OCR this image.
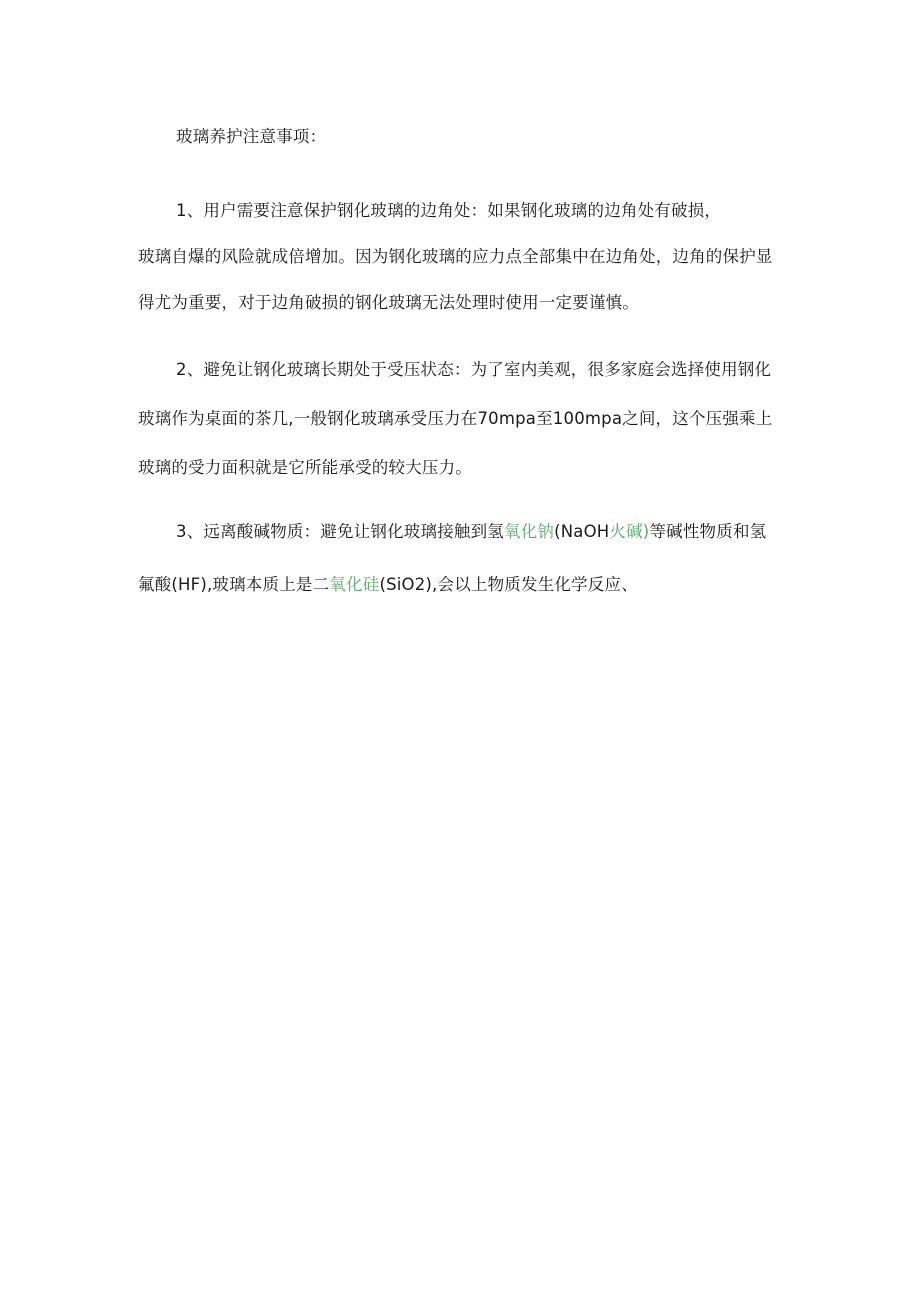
玻璃养护注意事项：
1、用户需要注意保护钢化玻璃的边角处：如果钢化玻璃的边角处有破损，
玻璃自爆的风险就成倍增加。因为钢化玻璃的应力点全部集中在边角处，边角的保护显
得尤为重要，对于边角破损的钢化玻璃无法处理时使用一定要谨慎。
2、避免让钢化玻璃长期处于受压状态：为了室内美观，很多家庭会选择使用钢化
玻璃作为桌面的茶几,一般钢化玻璃承受压力在70mpa至100mpa之间，这个压强乘上
玻璃的受力面积就是它所能承受的较大压力。
3、远离酸碱物质：避免让钢化玻璃接触到氢氧化钠(NaOH火碱)等碱性物质和氢
氟酸(HF),玻璃本质上是二氧化硅(SiO2),会以上物质发生化学反应、
